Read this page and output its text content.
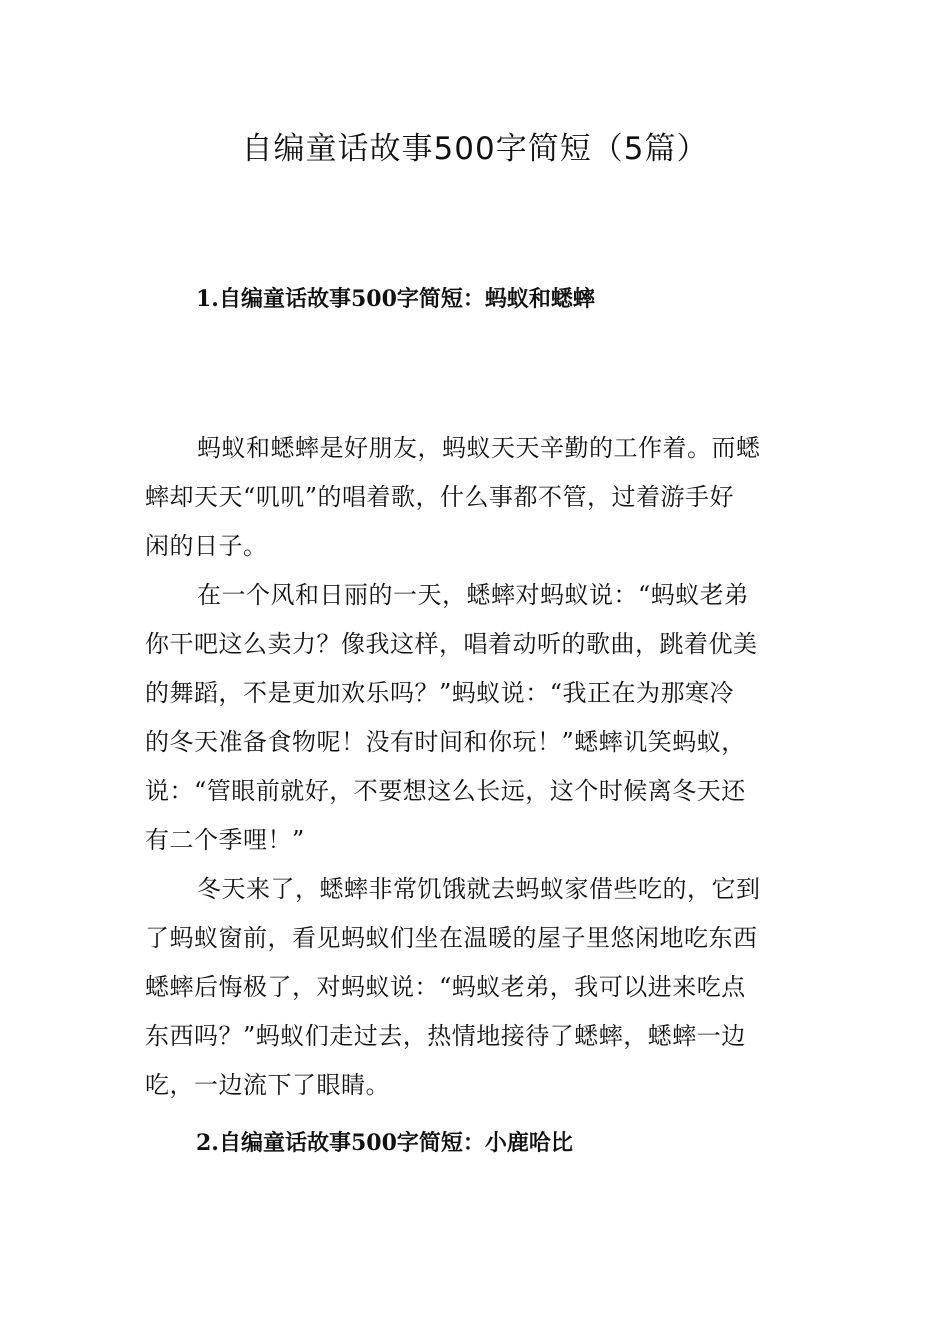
自编童话故事500字简短（5篇）
1.自编童话故事500字简短：蚂蚁和蟋蟀

蚂蚁和蟋蟀是好朋友，蚂蚁天天辛勤的工作着。而蟋
蟀却天天“叽叽”的唱着歌，什么事都不管，过着游手好
闲的日子。

在一个风和日丽的一天，蟋蟀对蚂蚁说：“蚂蚁老弟
你干吧这么卖力？像我这样，唱着动听的歌曲，跳着优美
的舞蹈，不是更加欢乐吗？”蚂蚁说：“我正在为那寒冷
的冬天准备食物呢！没有时间和你玩！”蟋蟀讥笑蚂蚁，
说：“管眼前就好，不要想这么长远，这个时候离冬天还
有二个季哩！”

冬天来了，蟋蟀非常饥饿就去蚂蚁家借些吃的，它到
了蚂蚁窗前，看见蚂蚁们坐在温暖的屋子里悠闲地吃东西
蟋蟀后悔极了，对蚂蚁说：“蚂蚁老弟，我可以进来吃点
东西吗？”蚂蚁们走过去，热情地接待了蟋蟀，蟋蟀一边
吃，一边流下了眼睛。

2.自编童话故事500字简短：小鹿哈比
